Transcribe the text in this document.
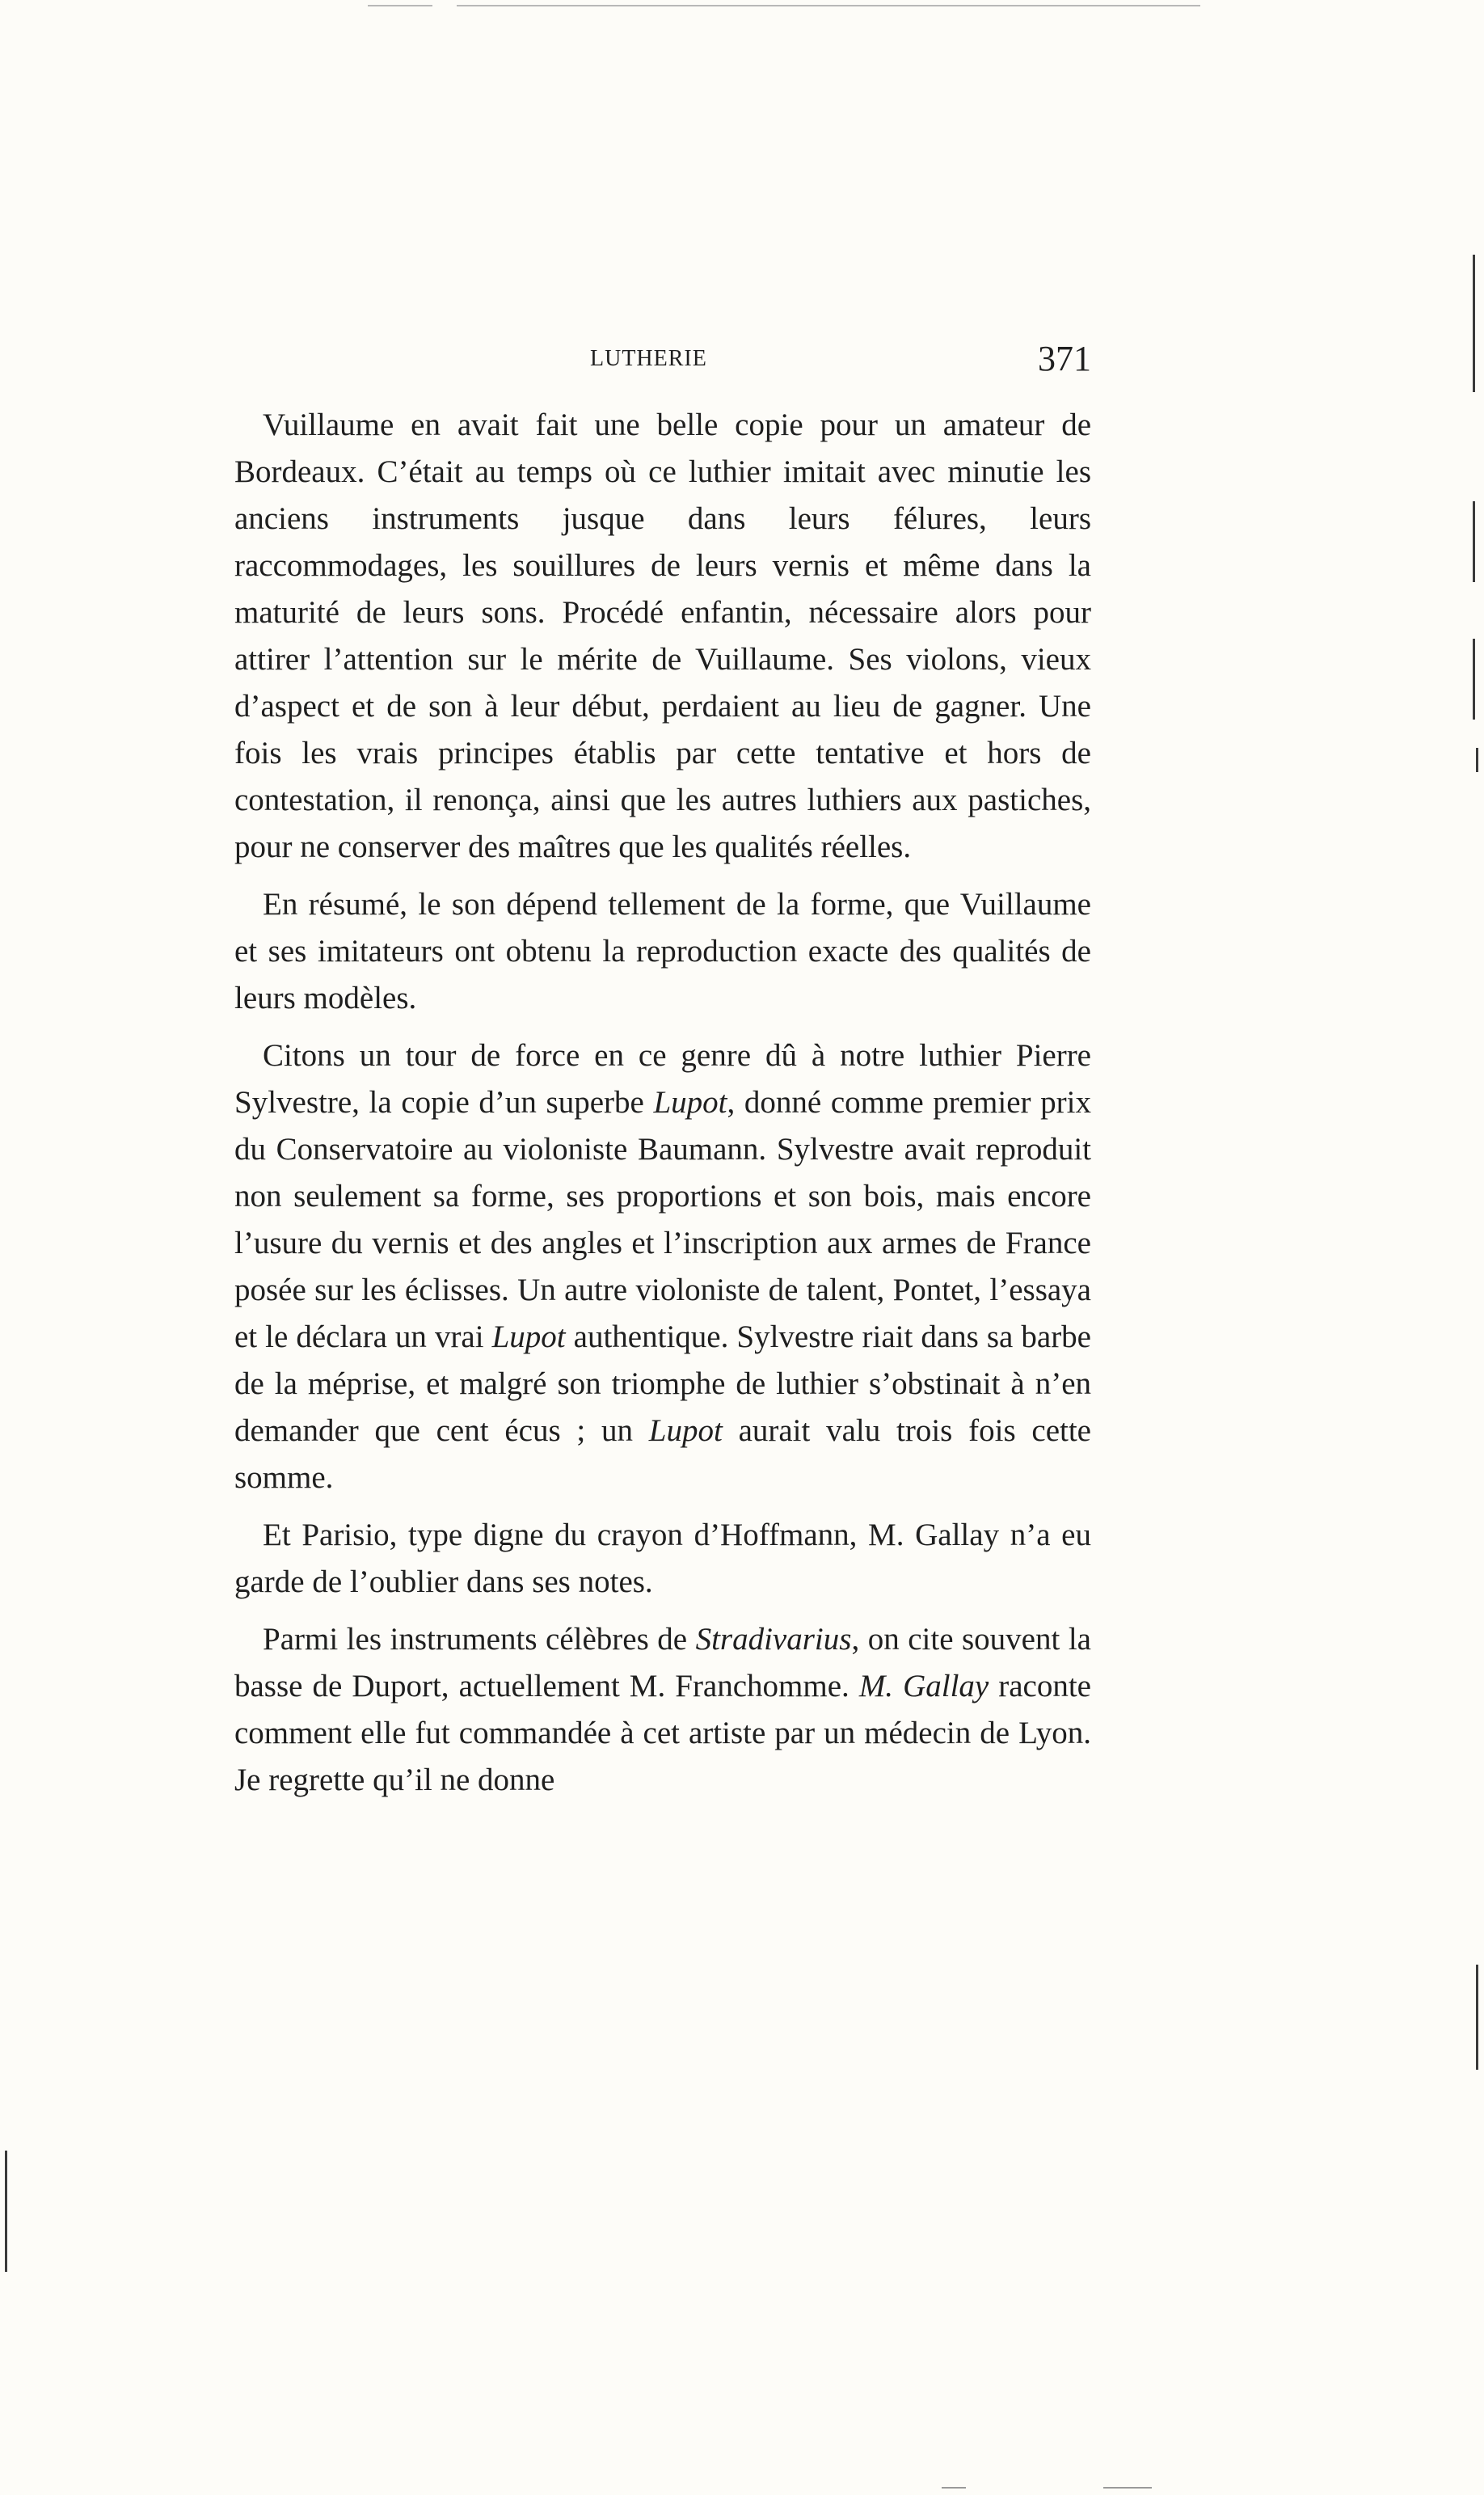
LUTHERIE	371

Vuillaume en avait fait une belle copie pour un amateur de Bordeaux. C’était au temps où ce luthier imitait avec minutie les anciens instruments jusque dans leurs félures, leurs raccommodages, les souillures de leurs vernis et même dans la maturité de leurs sons. Procédé enfantin, nécessaire alors pour attirer l’attention sur le mérite de Vuillaume. Ses violons, vieux d’aspect et de son à leur début, perdaient au lieu de gagner. Une fois les vrais principes établis par cette tentative et hors de contestation, il renonça, ainsi que les autres luthiers aux pastiches, pour ne conserver des maîtres que les qualités réelles.

En résumé, le son dépend tellement de la forme, que Vuillaume et ses imitateurs ont obtenu la reproduction exacte des qualités de leurs modèles.

Citons un tour de force en ce genre dû à notre luthier Pierre Sylvestre, la copie d’un superbe Lupot, donné comme premier prix du Conservatoire au violoniste Baumann. Sylvestre avait reproduit non seulement sa forme, ses proportions et son bois, mais encore l’usure du vernis et des angles et l’inscription aux armes de France posée sur les éclisses. Un autre violoniste de talent, Pontet, l’essaya et le déclara un vrai Lupot authentique. Sylvestre riait dans sa barbe de la méprise, et malgré son triomphe de luthier s’obstinait à n’en demander que cent écus ; un Lupot aurait valu trois fois cette somme.

Et Parisio, type digne du crayon d’Hoffmann, M. Gallay n’a eu garde de l’oublier dans ses notes.

Parmi les instruments célèbres de Stradivarius, on cite souvent la basse de Duport, actuellement M. Franchomme. M. Gallay raconte comment elle fut commandée à cet artiste par un médecin de Lyon. Je regrette qu’il ne donne
